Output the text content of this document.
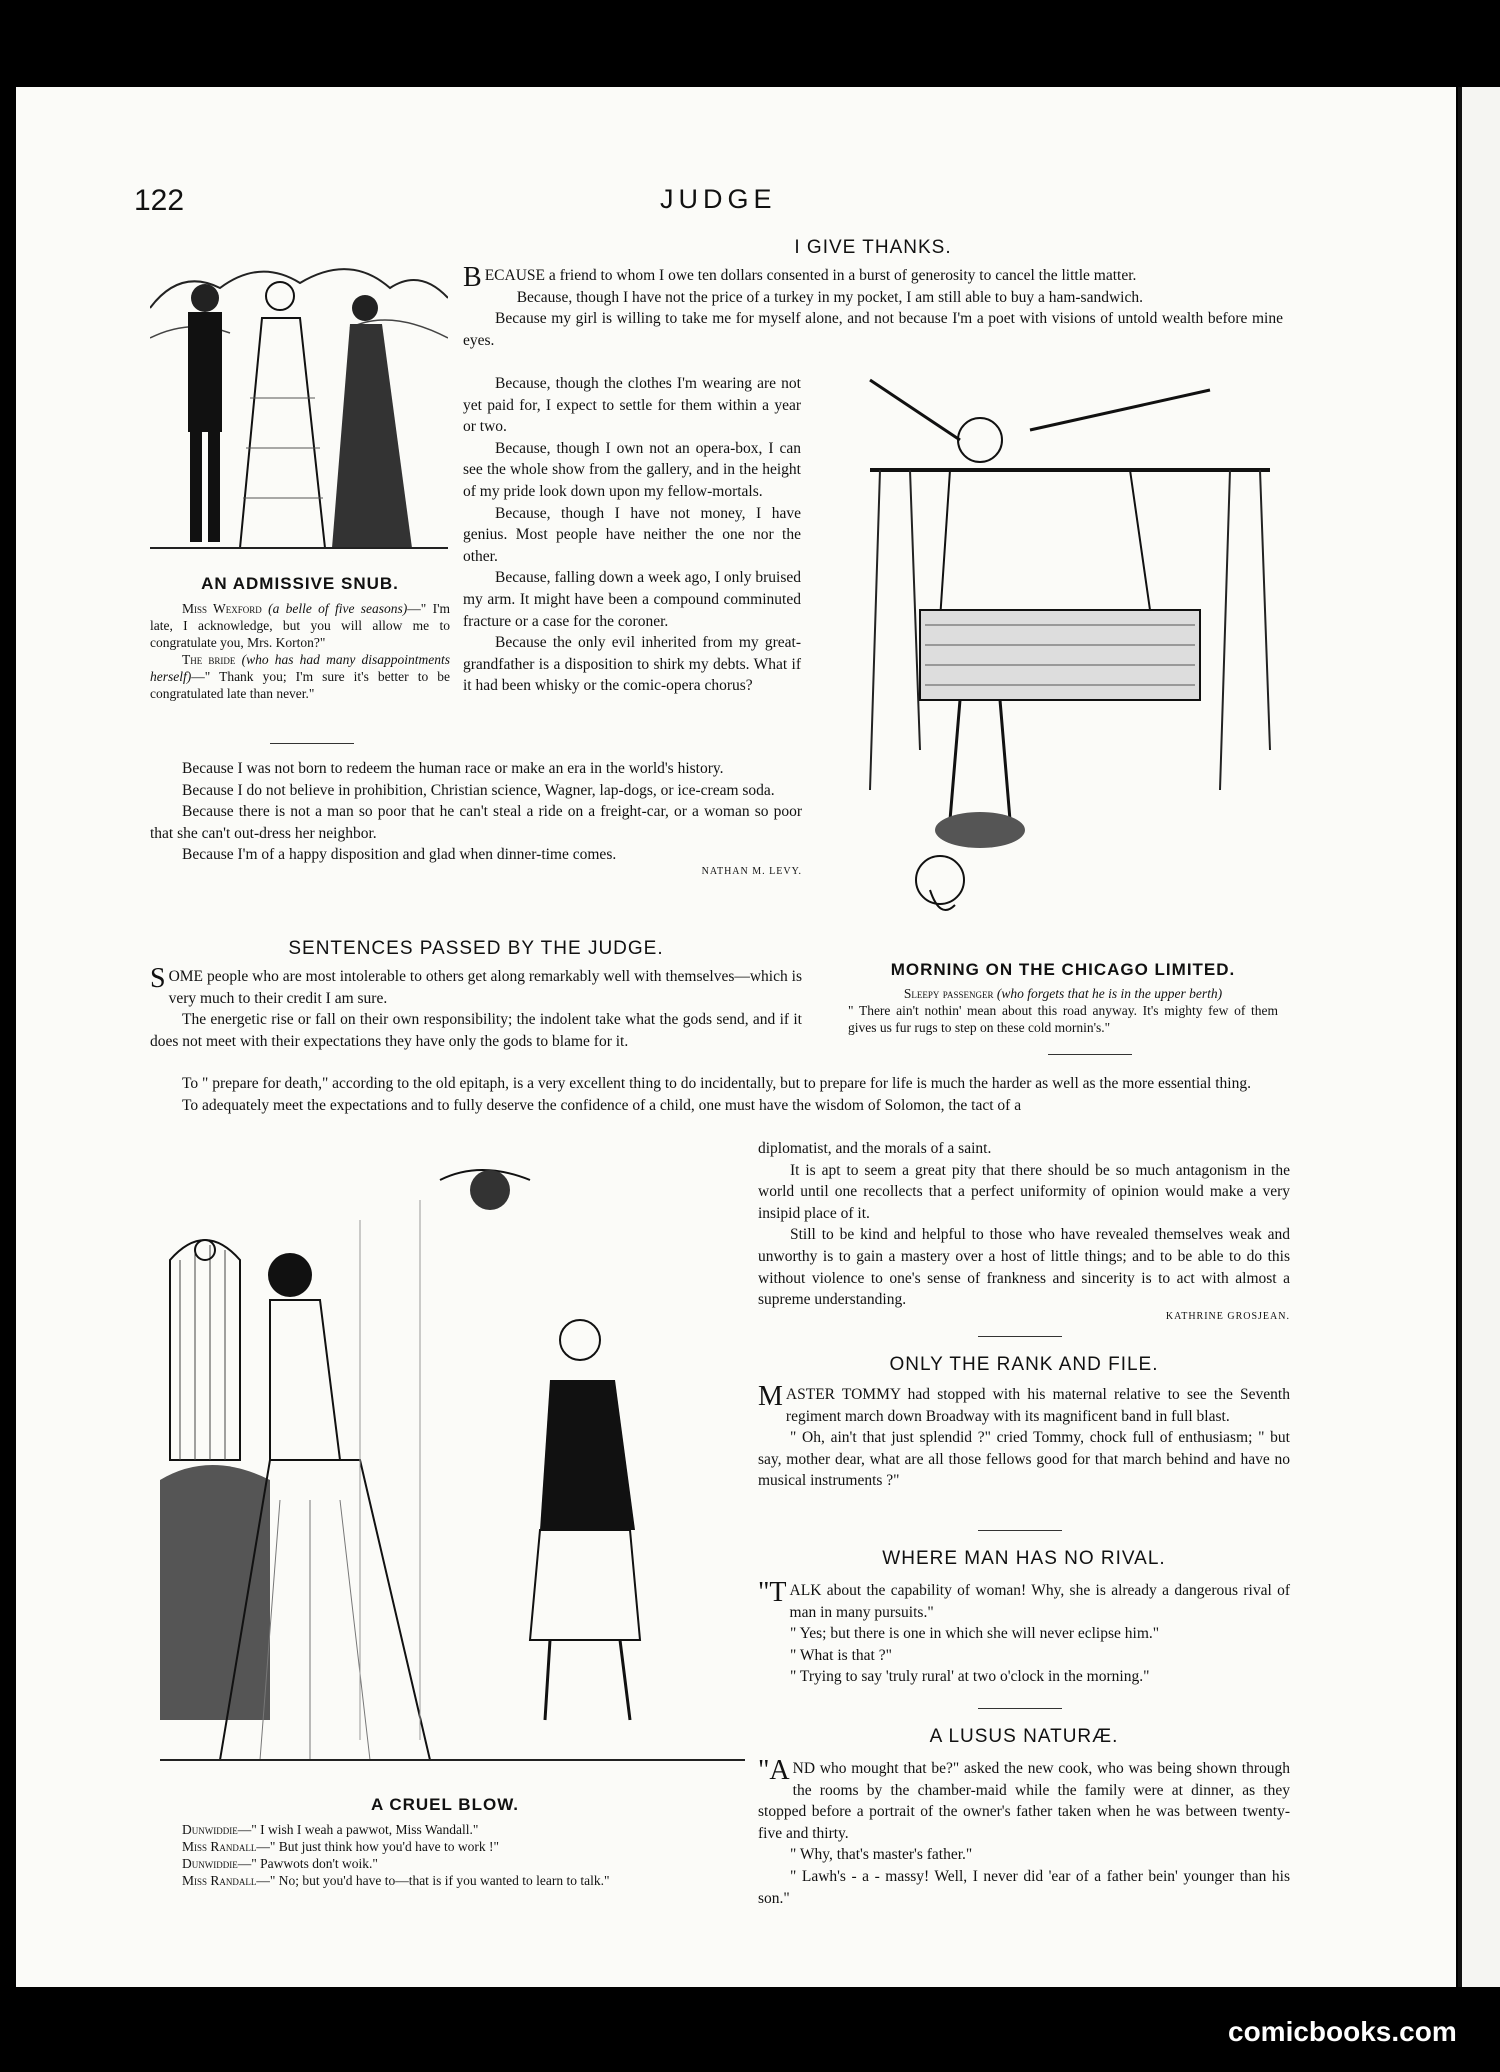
122	JUDGE
AN ADMISSIVE SNUB.

Miss Wexford (a belle of five seasons)—" I'm late, I acknowledge, but you will allow me to congratulate you, Mrs. Korton?"

The bride (who has had many disappointments herself)—" Thank you; I'm sure it's better to be congratulated late than never."

I GIVE THANKS.

BECAUSE a friend to whom I owe ten dollars consented in a burst of generosity to cancel the little matter.

Because, though I have not the price of a turkey in my pocket, I am still able to buy a ham-sandwich.

Because my girl is willing to take me for myself alone, and not because I'm a poet with visions of untold wealth before mine eyes.

Because, though the clothes I'm wearing are not yet paid for, I expect to settle for them within a year or two.

Because, though I own not an opera-box, I can see the whole show from the gallery, and in the height of my pride look down upon my fellow-mortals.

Because, though I have not money, I have genius. Most people have neither the one nor the other.

Because, falling down a week ago, I only bruised my arm. It might have been a compound comminuted fracture or a case for the coroner.

Because the only evil inherited from my great-grandfather is a disposition to shirk my debts. What if it had been whisky or the comic-opera chorus?

Because I was not born to redeem the human race or make an era in the world's history.

Because I do not believe in prohibition, Christian science, Wagner, lap-dogs, or ice-cream soda.

Because there is not a man so poor that he can't steal a ride on a freight-car, or a woman so poor that she can't out-dress her neighbor.

Because I'm of a happy disposition and glad when dinner-time comes.

NATHAN M. LEVY.
MORNING ON THE CHICAGO LIMITED.

Sleepy passenger (who forgets that he is in the upper berth)

" There ain't nothin' mean about this road anyway. It's mighty few of them gives us fur rugs to step on these cold mornin's."

SENTENCES PASSED BY THE JUDGE.

SOME people who are most intolerable to others get along remarkably well with themselves—which is very much to their credit I am sure.

The energetic rise or fall on their own responsibility; the indolent take what the gods send, and if it does not meet with their expectations they have only the gods to blame for it.

To " prepare for death," according to the old epitaph, is a very excellent thing to do incidentally, but to prepare for life is much the harder as well as the more essential thing.

To adequately meet the expectations and to fully deserve the confidence of a child, one must have the wisdom of Solomon, the tact of a

diplomatist, and the morals of a saint.

It is apt to seem a great pity that there should be so much antagonism in the world until one recollects that a perfect uniformity of opinion would make a very insipid place of it.

Still to be kind and helpful to those who have revealed themselves weak and unworthy is to gain a mastery over a host of little things; and to be able to do this without violence to one's sense of frankness and sincerity is to act with almost a supreme understanding.

KATHRINE GROSJEAN.
A CRUEL BLOW.

Dunwiddie—" I wish I weah a pawwot, Miss Wandall."

Miss Randall—" But just think how you'd have to work !"

Dunwiddie—" Pawwots don't woik."

Miss Randall—" No; but you'd have to—that is if you wanted to learn to talk."

ONLY THE RANK AND FILE.

MASTER TOMMY had stopped with his maternal relative to see the Seventh regiment march down Broadway with its magnificent band in full blast.

" Oh, ain't that just splendid ?" cried Tommy, chock full of enthusiasm; " but say, mother dear, what are all those fellows good for that march behind and have no musical instruments ?"

WHERE MAN HAS NO RIVAL.

"TALK about the capability of woman! Why, she is already a dangerous rival of man in many pursuits."

" Yes; but there is one in which she will never eclipse him."

" What is that ?"

" Trying to say 'truly rural' at two o'clock in the morning."

A LUSUS NATURÆ.

"AND who mought that be?" asked the new cook, who was being shown through the rooms by the chamber-maid while the family were at dinner, as they stopped before a portrait of the owner's father taken when he was between twenty-five and thirty.

" Why, that's master's father."

" Lawh's - a - massy! Well, I never did 'ear of a father bein' younger than his son."

comicbooks.com
